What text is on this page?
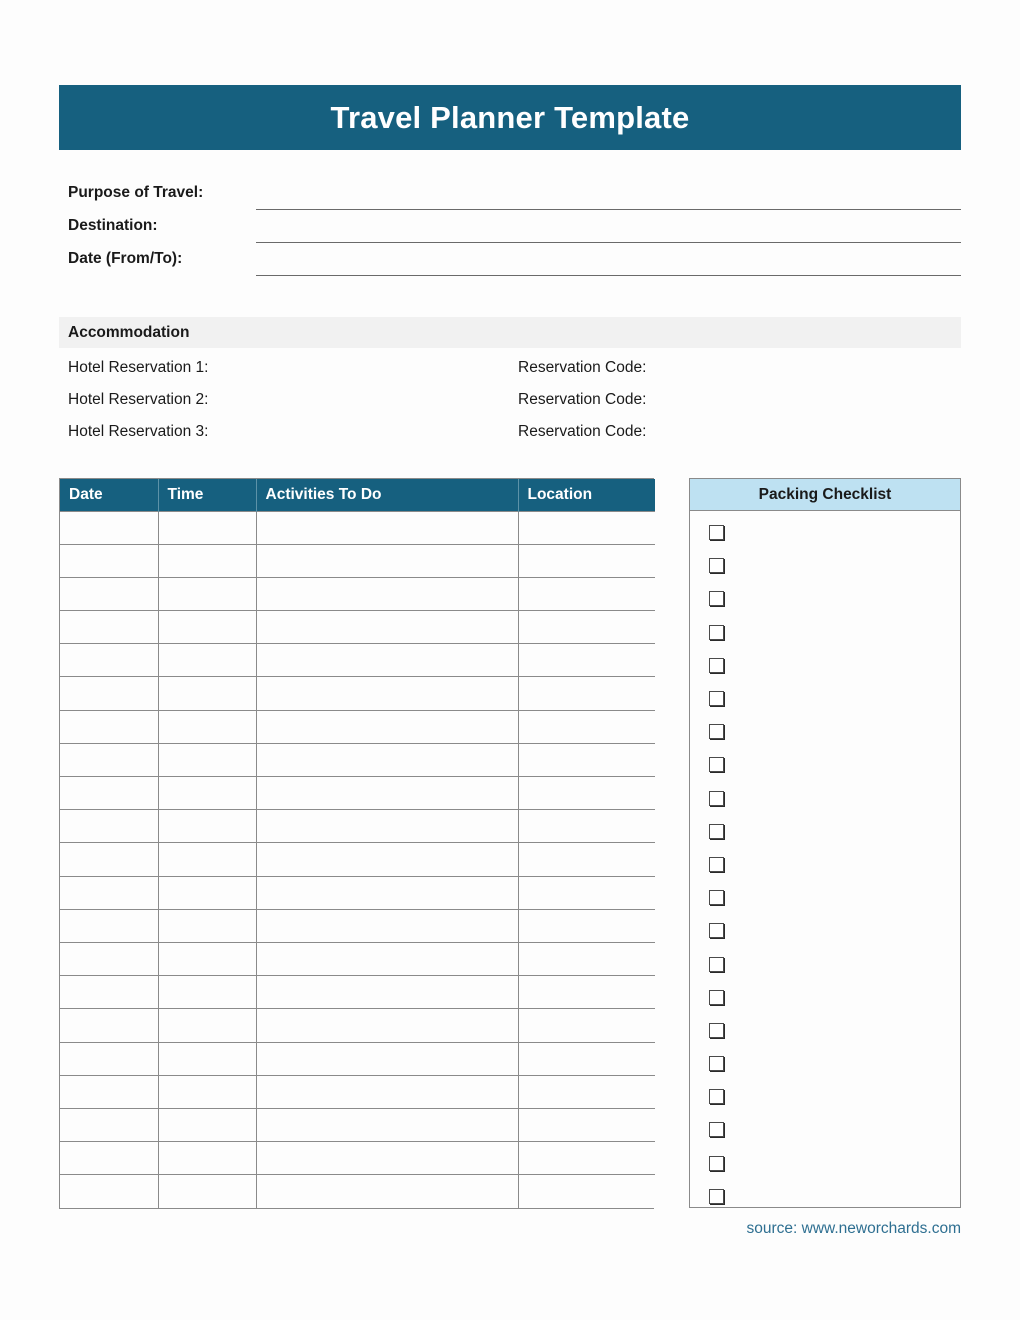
Travel Planner Template
Purpose of Travel:
Destination:
Date (From/To):
Accommodation
Hotel Reservation 1:	Reservation Code:
Hotel Reservation 2:	Reservation Code:
Hotel Reservation 3:	Reservation Code:
Date	Time	Activities To Do	Location

				Packing Checklist
source: www.neworchards.com
